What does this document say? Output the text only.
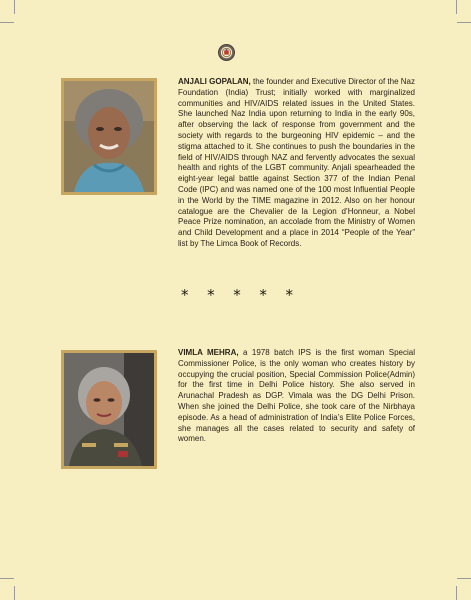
ANJALI GOPALAN, the founder and Executive Director of the Naz Foundation (India) Trust; initially worked with marginalized communities and HIV/AIDS related issues in the United States. She launched Naz India upon returning to India in the early 90s, after observing the lack of response from government and the society with regards to the burgeoning HIV epidemic – and the stigma attached to it. She continues to push the boundaries in the field of HIV/AIDS through NAZ and fervently advocates the sexual health and rights of the LGBT community. Anjali spearheaded the eight-year legal battle against Section 377 of the Indian Penal Code (IPC) and was named one of the 100 most Influential People in the World by the TIME magazine in 2012. Also on her honour catalogue are the Chevalier de la Legion d’Honneur, a Nobel Peace Prize nomination, an accolade from the Ministry of Women and Child Development and a place in 2014 “People of the Year” list by The Limca Book of Records.

* * * * *

VIMLA MEHRA, a 1978 batch IPS is the first woman Special Commissioner Police, is the only woman who creates history by occupying the crucial position, Special Commission Police(Admin) for the first time in Delhi Police history. She also served in Arunachal Pradesh as DGP. Vimala was the DG Delhi Prison. When she joined the Delhi Police, she took care of the Nirbhaya episode. As a head of administration of India’s Elite Police Forces, she manages all the cases related to security and safety of women.
